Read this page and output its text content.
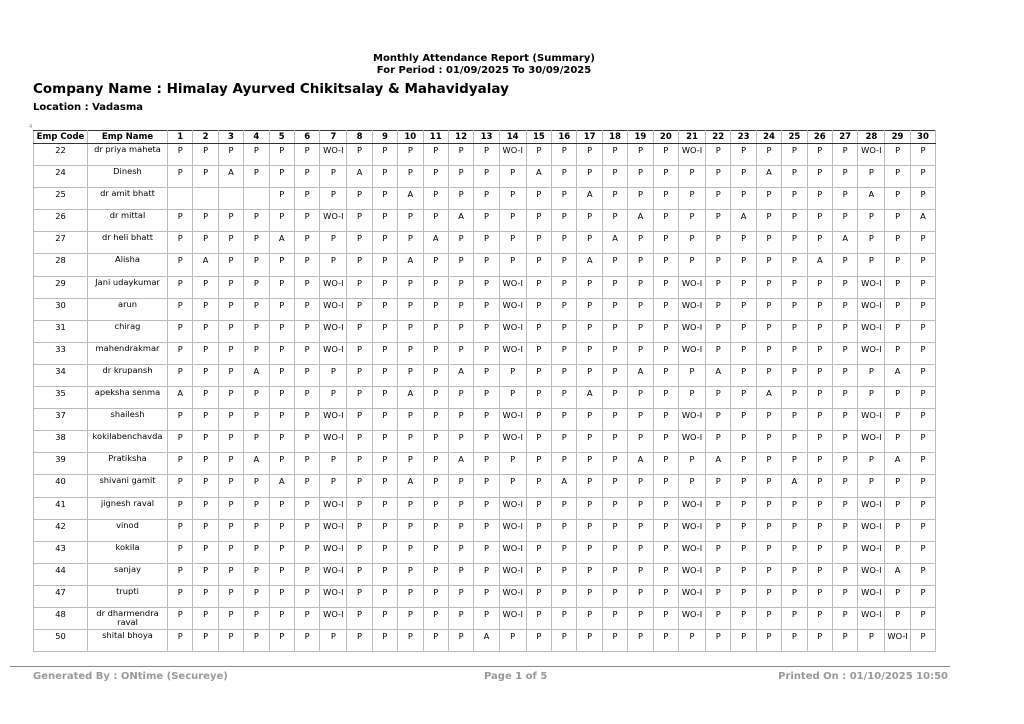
Monthly Attendance Report (Summary)
For Period : 01/09/2025 To 30/09/2025
Company Name : Himalay Ayurved Chikitsalay & Mahavidyalay
Location : Vadasma
4
Emp Code	Emp Name	1	2	3	4	5	6	7	8	9	10	11	12	13	14	15	16	17	18	19	20	21	22	23	24	25	26	27	28	29	30
22	dr priya maheta	P	P	P	P	P	P	WO-I	P	P	P	P	P	P	WO-I	P	P	P	P	P	P	WO-I	P	P	P	P	P	P	WO-I	P	P
24	Dinesh	P	P	A	P	P	P	P	A	P	P	P	P	P	P	A	P	P	P	P	P	P	P	P	A	P	P	P	P	P	P
25	dr amit bhatt					P	P	P	P	P	A	P	P	P	P	P	P	A	P	P	P	P	P	P	P	P	P	P	A	P	P
26	dr mittal	P	P	P	P	P	P	WO-I	P	P	P	P	A	P	P	P	P	P	P	A	P	P	P	A	P	P	P	P	P	P	A
27	dr heli bhatt	P	P	P	P	A	P	P	P	P	P	A	P	P	P	P	P	P	A	P	P	P	P	P	P	P	P	A	P	P	P
28	Alisha	P	A	P	P	P	P	P	P	P	A	P	P	P	P	P	P	A	P	P	P	P	P	P	P	P	A	P	P	P	P
29	Jani udaykumar	P	P	P	P	P	P	WO-I	P	P	P	P	P	P	WO-I	P	P	P	P	P	P	WO-I	P	P	P	P	P	P	WO-I	P	P
30	arun	P	P	P	P	P	P	WO-I	P	P	P	P	P	P	WO-I	P	P	P	P	P	P	WO-I	P	P	P	P	P	P	WO-I	P	P
31	chirag	P	P	P	P	P	P	WO-I	P	P	P	P	P	P	WO-I	P	P	P	P	P	P	WO-I	P	P	P	P	P	P	WO-I	P	P
33	mahendrakmar	P	P	P	P	P	P	WO-I	P	P	P	P	P	P	WO-I	P	P	P	P	P	P	WO-I	P	P	P	P	P	P	WO-I	P	P
34	dr krupansh	P	P	P	A	P	P	P	P	P	P	P	A	P	P	P	P	P	P	A	P	P	A	P	P	P	P	P	P	A	P
35	apeksha senma	A	P	P	P	P	P	P	P	P	A	P	P	P	P	P	P	A	P	P	P	P	P	P	A	P	P	P	P	P	P
37	shailesh	P	P	P	P	P	P	WO-I	P	P	P	P	P	P	WO-I	P	P	P	P	P	P	WO-I	P	P	P	P	P	P	WO-I	P	P
38	kokilabenchavda	P	P	P	P	P	P	WO-I	P	P	P	P	P	P	WO-I	P	P	P	P	P	P	WO-I	P	P	P	P	P	P	WO-I	P	P
39	Pratiksha	P	P	P	A	P	P	P	P	P	P	P	A	P	P	P	P	P	P	A	P	P	A	P	P	P	P	P	P	A	P
40	shivani gamit	P	P	P	P	A	P	P	P	P	A	P	P	P	P	P	A	P	P	P	P	P	P	P	P	A	P	P	P	P	P
41	jignesh raval	P	P	P	P	P	P	WO-I	P	P	P	P	P	P	WO-I	P	P	P	P	P	P	WO-I	P	P	P	P	P	P	WO-I	P	P
42	vinod	P	P	P	P	P	P	WO-I	P	P	P	P	P	P	WO-I	P	P	P	P	P	P	WO-I	P	P	P	P	P	P	WO-I	P	P
43	kokila	P	P	P	P	P	P	WO-I	P	P	P	P	P	P	WO-I	P	P	P	P	P	P	WO-I	P	P	P	P	P	P	WO-I	P	P
44	sanjay	P	P	P	P	P	P	WO-I	P	P	P	P	P	P	WO-I	P	P	P	P	P	P	WO-I	P	P	P	P	P	P	WO-I	A	P
47	trupti	P	P	P	P	P	P	WO-I	P	P	P	P	P	P	WO-I	P	P	P	P	P	P	WO-I	P	P	P	P	P	P	WO-I	P	P
48	dr dharmendra raval	P	P	P	P	P	P	WO-I	P	P	P	P	P	P	WO-I	P	P	P	P	P	P	WO-I	P	P	P	P	P	P	WO-I	P	P
50	shital bhoya	P	P	P	P	P	P	P	P	P	P	P	P	A	P	P	P	P	P	P	P	P	P	P	P	P	P	P	P	WO-I	P
Generated By : ONtime (Secureye)	Page 1 of 5	Printed On : 01/10/2025 10:50
